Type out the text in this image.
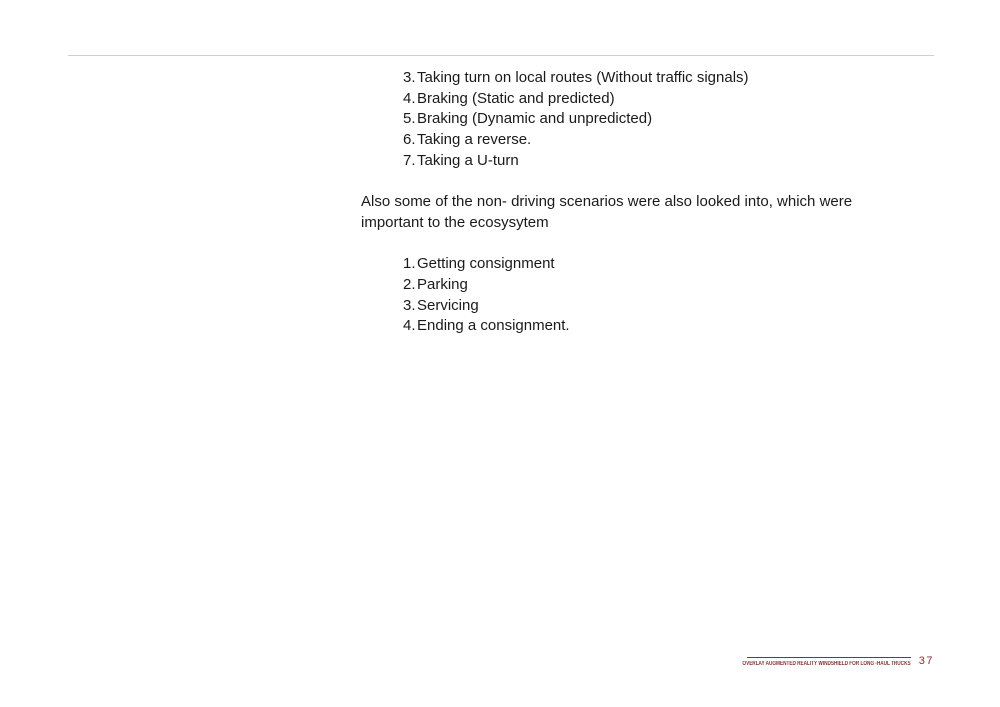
3.Taking turn on local routes (Without traffic signals)
4.Braking (Static and predicted)
5.Braking (Dynamic and unpredicted)
6.Taking a reverse.
7.Taking a U-turn

Also some of the non- driving scenarios were also looked into, which were important to the ecosysytem

1.Getting consignment
2.Parking
3.Servicing
4.Ending a consignment.
OVERLAY AUGMENTED REALITY WINDSHIELD FOR LONG -HAUL TRUCKS 37
